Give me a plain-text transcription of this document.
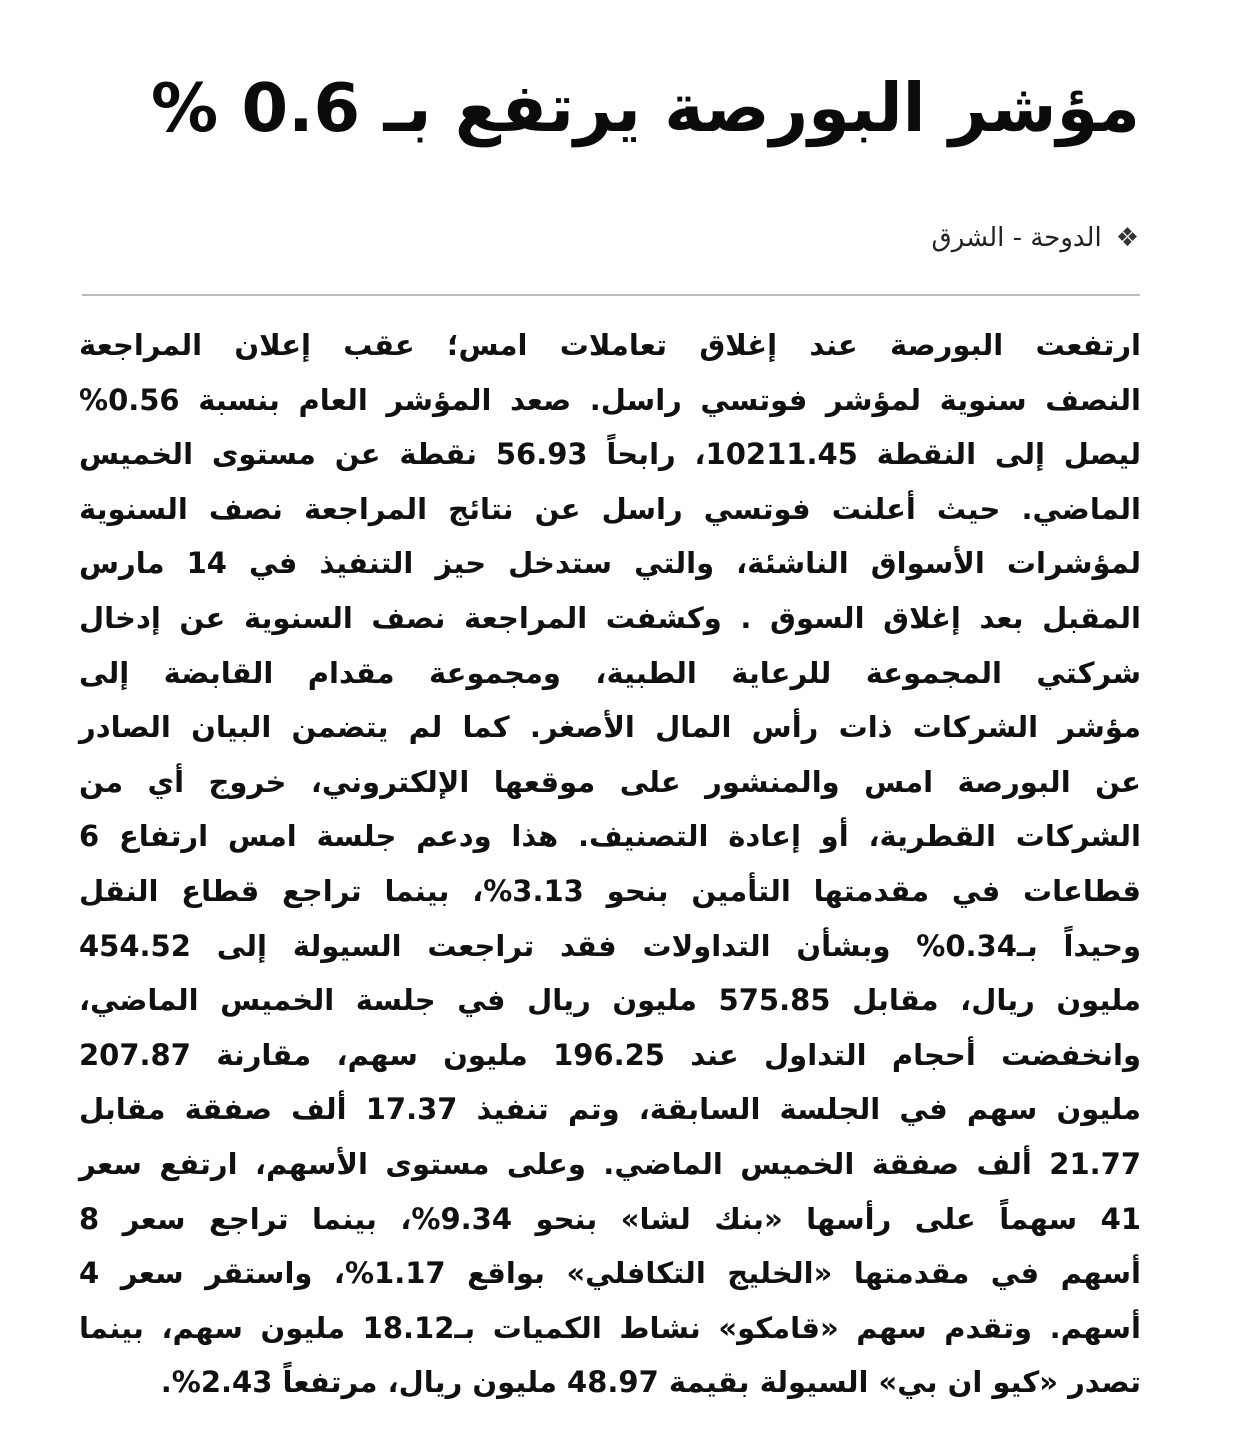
مؤشر البورصة يرتفع بـ 0.6 %
❖
الدوحة - الشرق
ارتفعت البورصة عند إغلاق تعاملات امس؛ عقب إعلان المراجعة
النصف سنوية لمؤشر فوتسي راسل. صعد المؤشر العام بنسبة 0.56%
ليصل إلى النقطة 10211.45، رابحاً 56.93 نقطة عن مستوى الخميس
الماضي. حيث أعلنت فوتسي راسل عن نتائج المراجعة نصف السنوية
لمؤشرات الأسواق الناشئة، والتي ستدخل حيز التنفيذ في 14 مارس
المقبل بعد إغلاق السوق . وكشفت المراجعة نصف السنوية عن إدخال
شركتي المجموعة للرعاية الطبية، ومجموعة مقدام القابضة إلى
مؤشر الشركات ذات رأس المال الأصغر. كما لم يتضمن البيان الصادر
عن البورصة امس والمنشور على موقعها الإلكتروني، خروج أي من
الشركات القطرية، أو إعادة التصنيف. هذا ودعم جلسة امس ارتفاع 6
قطاعات في مقدمتها التأمين بنحو 3.13%، بينما تراجع قطاع النقل
وحيداً بـ0.34% وبشأن التداولات فقد تراجعت السيولة إلى 454.52
مليون ريال، مقابل 575.85 مليون ريال في جلسة الخميس الماضي،
وانخفضت أحجام التداول عند 196.25 مليون سهم، مقارنة 207.87
مليون سهم في الجلسة السابقة، وتم تنفيذ 17.37 ألف صفقة مقابل
21.77 ألف صفقة الخميس الماضي. وعلى مستوى الأسهم، ارتفع سعر
41 سهماً على رأسها «بنك لشا» بنحو 9.34%، بينما تراجع سعر 8
أسهم في مقدمتها «الخليج التكافلي» بواقع 1.17%، واستقر سعر 4
أسهم. وتقدم سهم «قامكو» نشاط الكميات بـ18.12 مليون سهم، بينما
تصدر «كيو ان بي» السيولة بقيمة 48.97 مليون ريال، مرتفعاً 2.43%.
